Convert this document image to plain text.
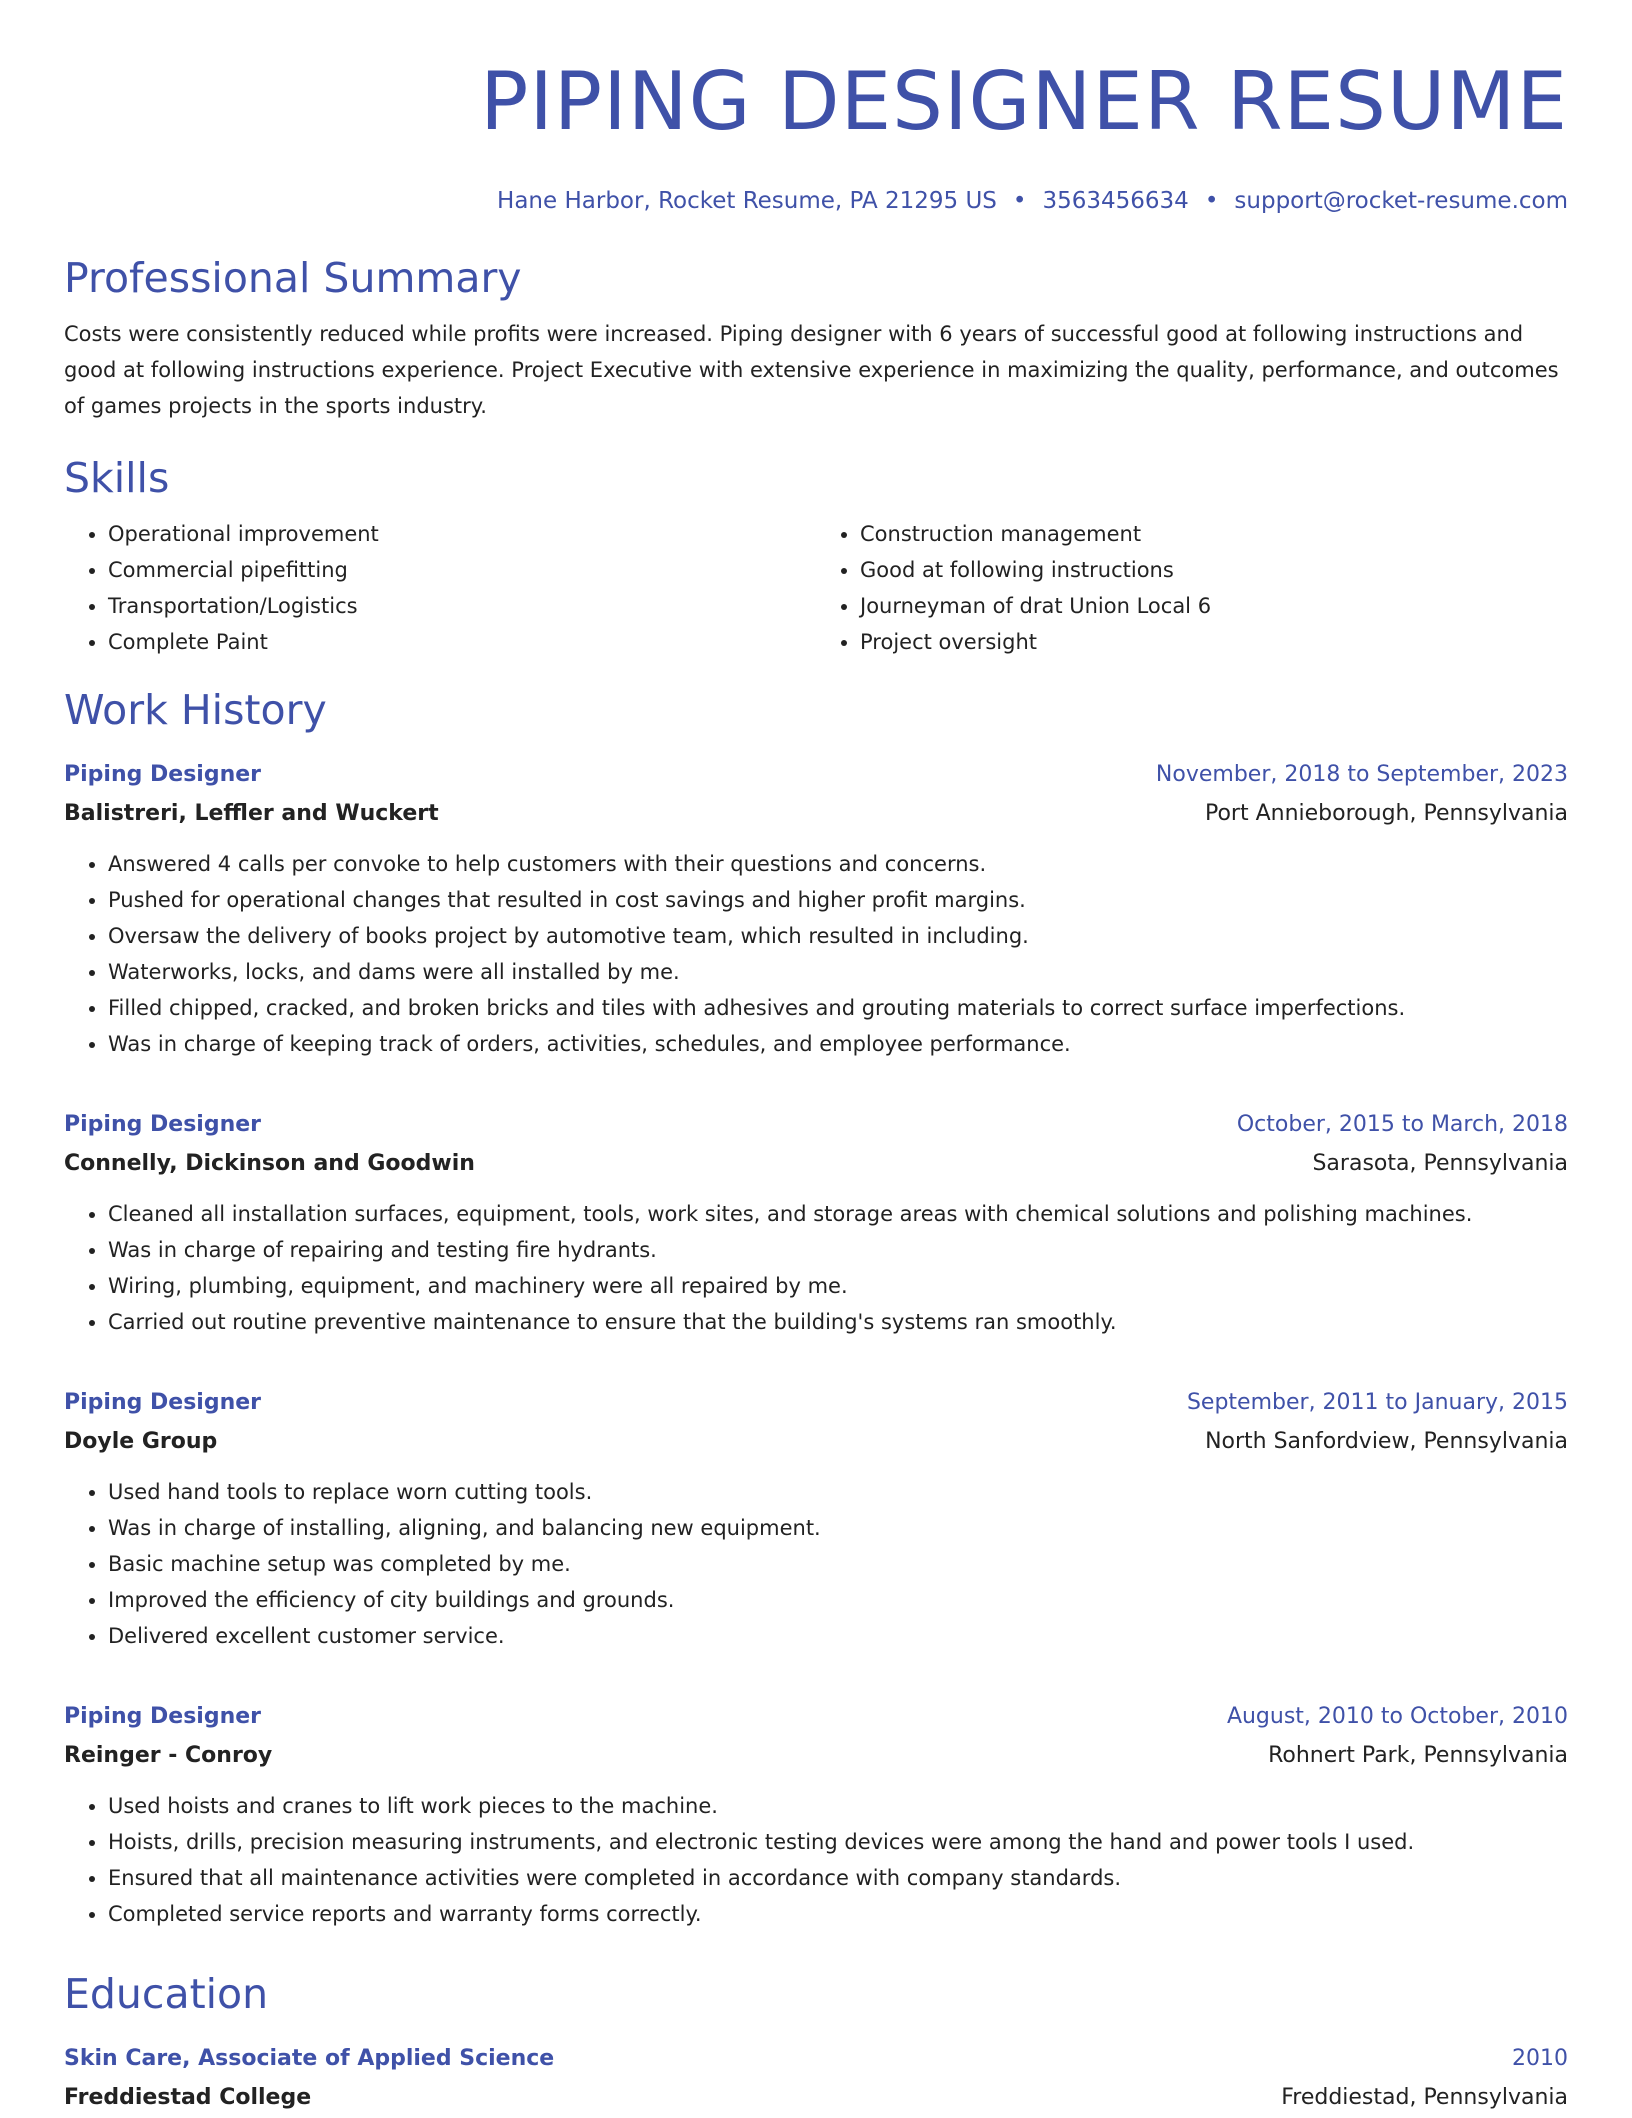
PIPING DESIGNER RESUME
Hane Harbor, Rocket Resume, PA 21295 US • 3563456634 • support@rocket-resume.com
Professional Summary

Costs were consistently reduced while profits were increased. Piping designer with 6 years of successful good at following instructions and good at following instructions experience. Project Executive with extensive experience in maximizing the quality, performance, and outcomes of games projects in the sports industry.

Skills
• Operational improvement
• Commercial pipefitting
• Transportation/Logistics
• Complete Paint
• Construction management
• Good at following instructions
• Journeyman of drat Union Local 6
• Project oversight
Work History
Piping Designer	November, 2018 to September, 2023
Balistreri, Leffler and Wuckert	Port Annieborough, Pennsylvania
• Answered 4 calls per convoke to help customers with their questions and concerns.
• Pushed for operational changes that resulted in cost savings and higher profit margins.
• Oversaw the delivery of books project by automotive team, which resulted in including.
• Waterworks, locks, and dams were all installed by me.
• Filled chipped, cracked, and broken bricks and tiles with adhesives and grouting materials to correct surface imperfections.
• Was in charge of keeping track of orders, activities, schedules, and employee performance.
Piping Designer	October, 2015 to March, 2018
Connelly, Dickinson and Goodwin	Sarasota, Pennsylvania
• Cleaned all installation surfaces, equipment, tools, work sites, and storage areas with chemical solutions and polishing machines.
• Was in charge of repairing and testing fire hydrants.
• Wiring, plumbing, equipment, and machinery were all repaired by me.
• Carried out routine preventive maintenance to ensure that the building's systems ran smoothly.
Piping Designer	September, 2011 to January, 2015
Doyle Group	North Sanfordview, Pennsylvania
• Used hand tools to replace worn cutting tools.
• Was in charge of installing, aligning, and balancing new equipment.
• Basic machine setup was completed by me.
• Improved the efficiency of city buildings and grounds.
• Delivered excellent customer service.
Piping Designer	August, 2010 to October, 2010
Reinger - Conroy	Rohnert Park, Pennsylvania
• Used hoists and cranes to lift work pieces to the machine.
• Hoists, drills, precision measuring instruments, and electronic testing devices were among the hand and power tools I used.
• Ensured that all maintenance activities were completed in accordance with company standards.
• Completed service reports and warranty forms correctly.
Education
Skin Care, Associate of Applied Science	2010
Freddiestad College	Freddiestad, Pennsylvania
